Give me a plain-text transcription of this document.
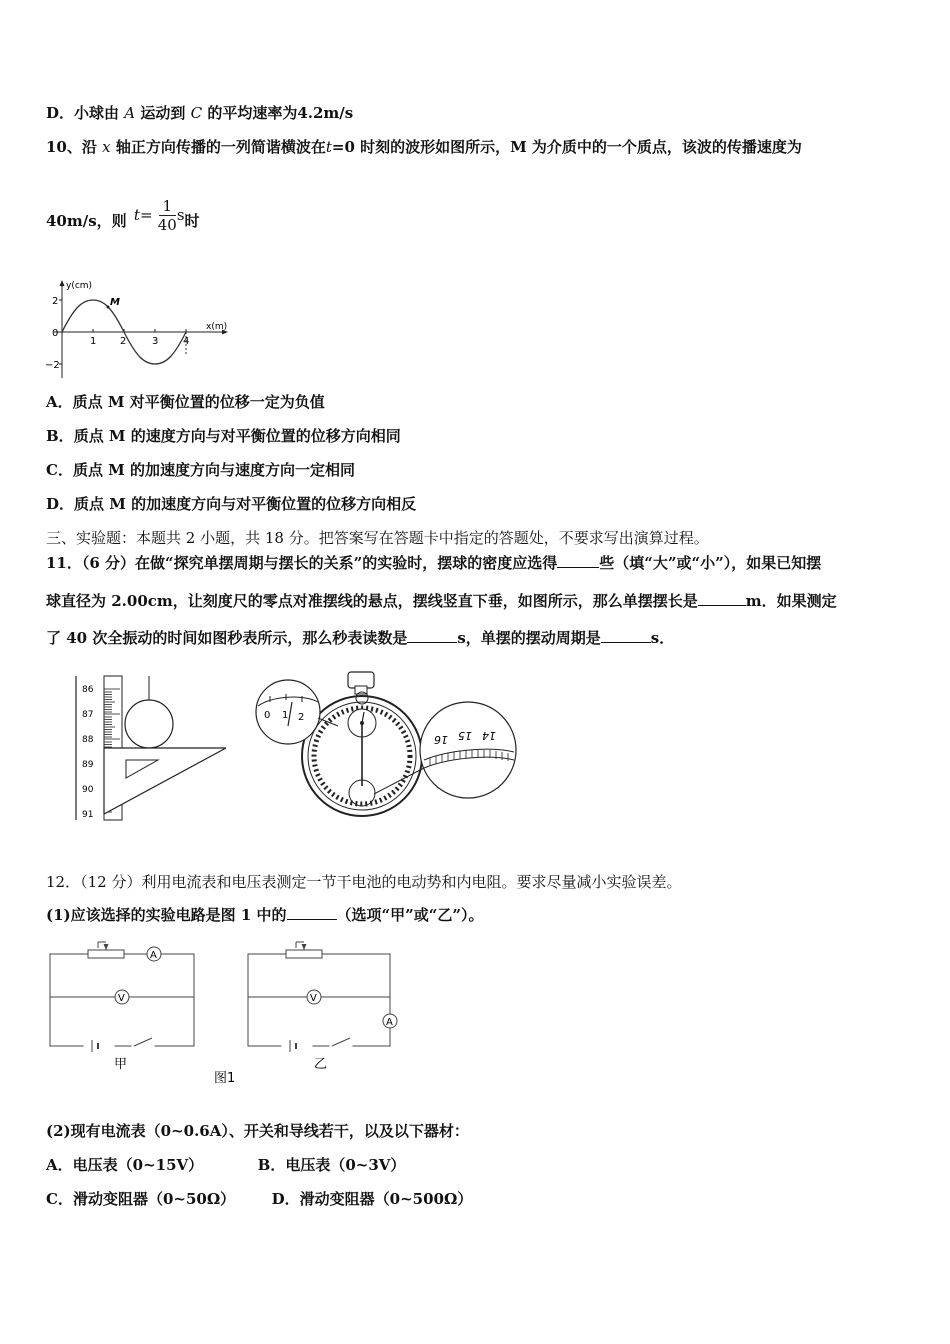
D．小球由 A 运动到 C 的平均速率为4.2m/s
10、沿 x 轴正方向传播的一列简谐横波在t=0 时刻的波形如图所示，M 为介质中的一个质点，该波的传播速度为
40m/s，则 $t= \frac{1}{40}$ s时
y(cm)
x(m)
M
2
0
−2
1 2	3 4
A．质点 M 对平衡位置的位移一定为负值
B．质点 M 的速度方向与对平衡位置的位移方向相同
C．质点 M 的加速度方向与速度方向一定相同
D．质点 M 的加速度方向与对平衡位置的位移方向相反
三、实验题：本题共 2 小题，共 18 分。把答案写在答题卡中指定的答题处，不要求写出演算过程。
11．（6 分）在做“探究单摆周期与摆长的关系”的实验时，摆球的密度应选得	些（填“大”或“小”），如果已知摆
球直径为 2.00cm，让刻度尺的零点对准摆线的悬点，摆线竖直下垂，如图所示，那么单摆摆长是	m．如果测定
了 40 次全振动的时间如图秒表所示，那么秒表读数是	s，单摆的摆动周期是	s．
86
87
88
89
90
91
0 1 2
16 15 14
12．（12 分）利用电流表和电压表测定一节干电池的电动势和内电阻。要求尽量减小实验误差。
(1)应该选择的实验电路是图 1 中的	（选项“甲”或“乙”）。
A
V
甲
V
A
乙
图1
(2)现有电流表（0~0.6A）、开关和导线若干，以及以下器材：
A．电压表（0~15V）	B．电压表（0~3V）
C．滑动变阻器（0~50Ω） D．滑动变阻器（0~500Ω）
